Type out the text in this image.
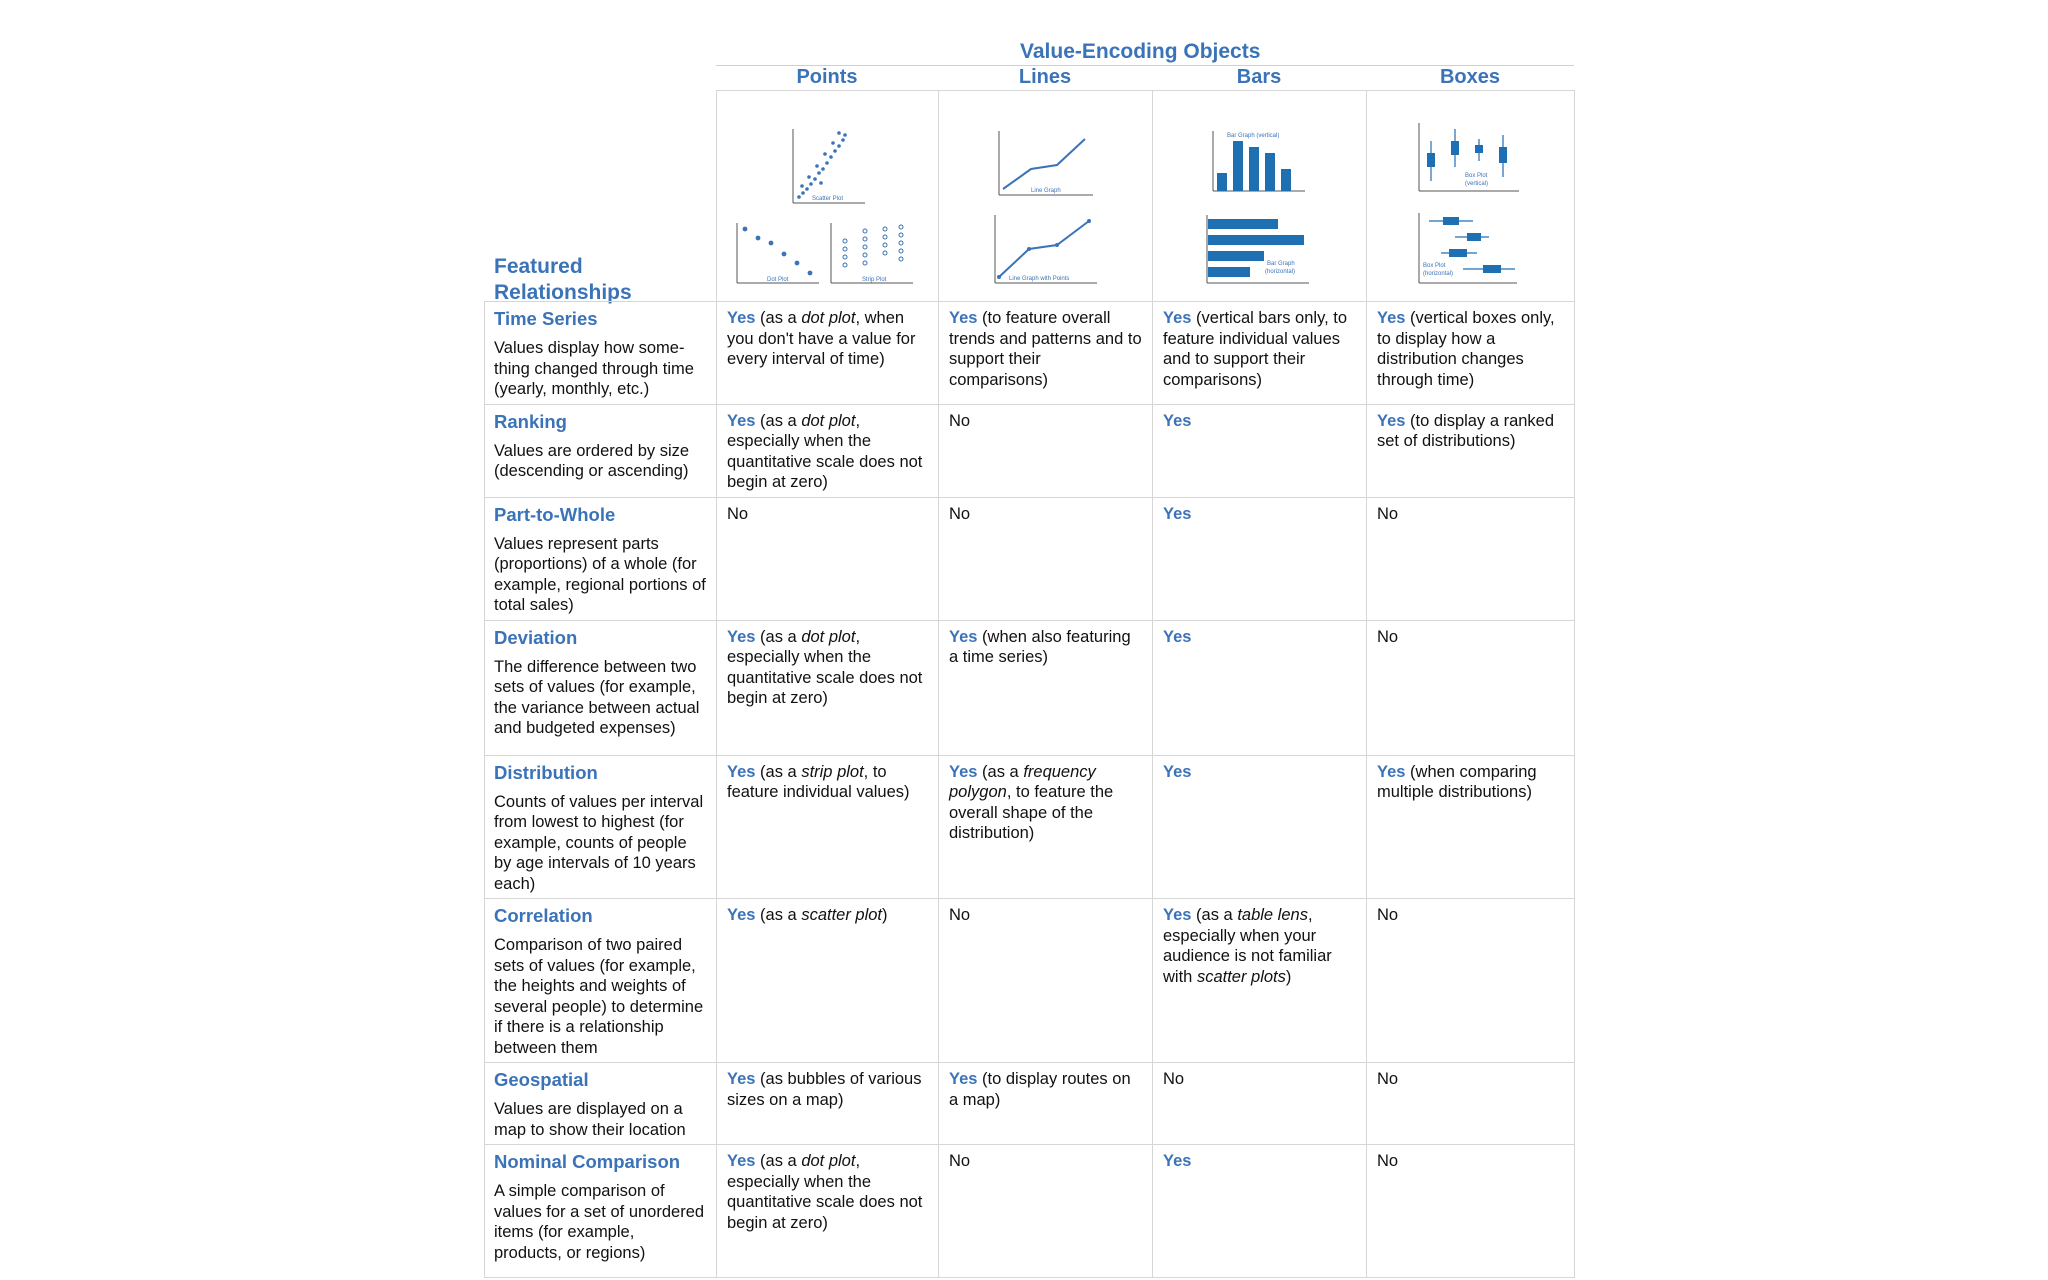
Value-Encoding Objects
Points	Lines	Bars	Boxes
Featured
Relationships

Scatter Plot
Dot Plot Strip Plot	Line Graph
Line Graph with Points	Bar Graph (vertical)
Bar Graph
(horizontal)	Box Plot
(vertical)
Box Plot
(horizontal)

Time Series
Values display how some-thing changed through time (yearly, monthly, etc.)	Yes (as a dot plot, when you don't have a value for every interval of time)	Yes (to feature overall trends and patterns and to support their comparisons)	Yes (vertical bars only, to feature individual values and to support their comparisons)	Yes (vertical boxes only, to display how a distribution changes through time)

Ranking
Values are ordered by size (descending or ascending)	Yes (as a dot plot, especially when the quantitative scale does not begin at zero)	No	Yes	Yes (to display a ranked set of distributions)

Part-to-Whole
Values represent parts (proportions) of a whole (for example, regional portions of total sales)	No	No	Yes	No

Deviation
The difference between two sets of values (for example, the variance between actual and budgeted expenses)	Yes (as a dot plot, especially when the quantitative scale does not begin at zero)	Yes (when also featuring a time series)	Yes	No

Distribution
Counts of values per interval from lowest to highest (for example, counts of people by age intervals of 10 years each)	Yes (as a strip plot, to feature individual values)	Yes (as a frequency polygon, to feature the overall shape of the distribution)	Yes	Yes (when comparing multiple distributions)

Correlation
Comparison of two paired sets of values (for example, the heights and weights of several people) to determine if there is a relationship between them	Yes (as a scatter plot)	No	Yes (as a table lens, especially when your audience is not familiar with scatter plots)	No

Geospatial
Values are displayed on a map to show their location	Yes (as bubbles of various sizes on a map)	Yes (to display routes on a map)	No	No

Nominal Comparison
A simple comparison of values for a set of unordered items (for example, products, or regions)	Yes (as a dot plot, especially when the quantitative scale does not begin at zero)	No	Yes	No
